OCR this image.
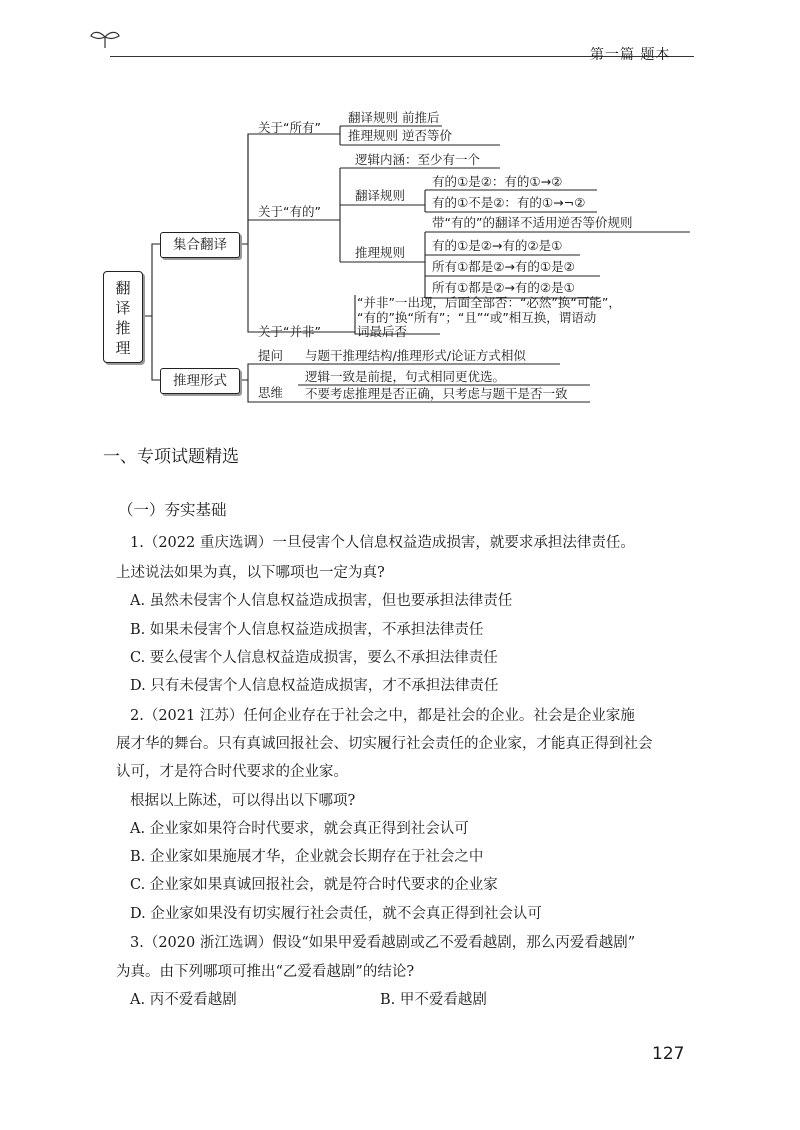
第一篇 题本
翻
译
推
理
集合翻译
推理形式
关于“所有”
翻译规则 前推后
推理规则 逆否等价
关于“有的”
逻辑内涵：至少有一个
翻译规则
有的①是②：有的①→②
有的①不是②：有的①→¬②
推理规则
带“有的”的翻译不适用逆否等价规则
有的①是②→有的②是①
所有①都是②→有的①是②
所有①都是②→有的②是①
关于“并非”
“并非”一出现，后面全部否：“必然”换“可能”，
“有的”换“所有”；“且”“或”相互换，谓语动
词最后否
提问 与题干推理结构/推理形式/论证方式相似
思维
逻辑一致是前提，句式相同更优选。
不要考虑推理是否正确，只考虑与题干是否一致
一、专项试题精选
（一）夯实基础
1.（2022 重庆选调）一旦侵害个人信息权益造成损害，就要求承担法律责任。
上述说法如果为真，以下哪项也一定为真?
A. 虽然未侵害个人信息权益造成损害，但也要承担法律责任
B. 如果未侵害个人信息权益造成损害，不承担法律责任
C. 要么侵害个人信息权益造成损害，要么不承担法律责任
D. 只有未侵害个人信息权益造成损害，才不承担法律责任
2.（2021 江苏）任何企业存在于社会之中，都是社会的企业。社会是企业家施
展才华的舞台。只有真诚回报社会、切实履行社会责任的企业家，才能真正得到社会
认可，才是符合时代要求的企业家。
根据以上陈述，可以得出以下哪项?
A. 企业家如果符合时代要求，就会真正得到社会认可
B. 企业家如果施展才华，企业就会长期存在于社会之中
C. 企业家如果真诚回报社会，就是符合时代要求的企业家
D. 企业家如果没有切实履行社会责任，就不会真正得到社会认可
3.（2020 浙江选调）假设“如果甲爱看越剧或乙不爱看越剧，那么丙爱看越剧”
为真。由下列哪项可推出“乙爱看越剧”的结论?
A. 丙不爱看越剧	B. 甲不爱看越剧
127
